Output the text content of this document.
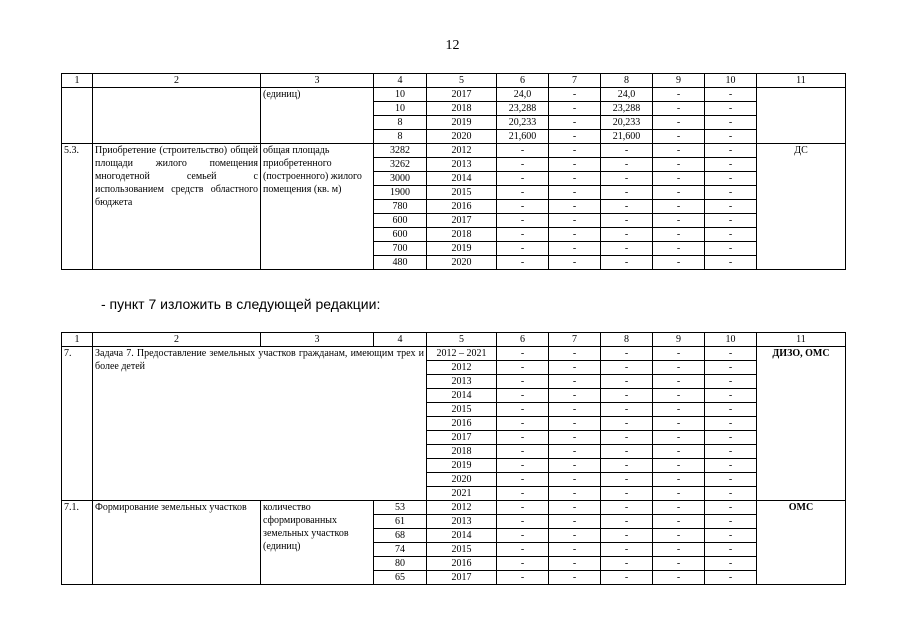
12
1	2	3	4	5	6	7	8	9	10	11
		(единиц)	10	2017	24,0	-	24,0	-	-	
			10	2018	23,288	-	23,288	-	-	
			8	2019	20,233	-	20,233	-	-	
			8	2020	21,600	-	21,600	-	-	
5.3.	Приобретение (строительство) общей площади жилого помещения многодетной семьей с использованием средств областного бюджета	общая площадь приобретенного (построенного) жилого помещения (кв. м)	3282	2012	-	-	-	-	-	ДС
			3262	2013	-	-	-	-	-	
			3000	2014	-	-	-	-	-	
			1900	2015	-	-	-	-	-	
			780	2016	-	-	-	-	-	
			600	2017	-	-	-	-	-	
			600	2018	-	-	-	-	-	
			700	2019	-	-	-	-	-	
			480	2020	-	-	-	-	-	
- пункт 7 изложить в следующей редакции:
1	2	3	4	5	6	7	8	9	10	11
7.	Задача 7. Предоставление земельных участков гражданам, имеющим трех и более детей			2012 – 2021	-	-	-	-	-	ДИЗО, ОМС
				2012	-	-	-	-	-	
				2013	-	-	-	-	-	
				2014	-	-	-	-	-	
				2015	-	-	-	-	-	
				2016	-	-	-	-	-	
				2017	-	-	-	-	-	
				2018	-	-	-	-	-	
				2019	-	-	-	-	-	
				2020	-	-	-	-	-	
				2021	-	-	-	-	-	
7.1.	Формирование земельных участков	количество сформированных земельных участков (единиц)	53	2012	-	-	-	-	-	ОМС
			61	2013	-	-	-	-	-	
			68	2014	-	-	-	-	-	
			74	2015	-	-	-	-	-	
			80	2016	-	-	-	-	-	
			65	2017	-	-	-	-	-	
